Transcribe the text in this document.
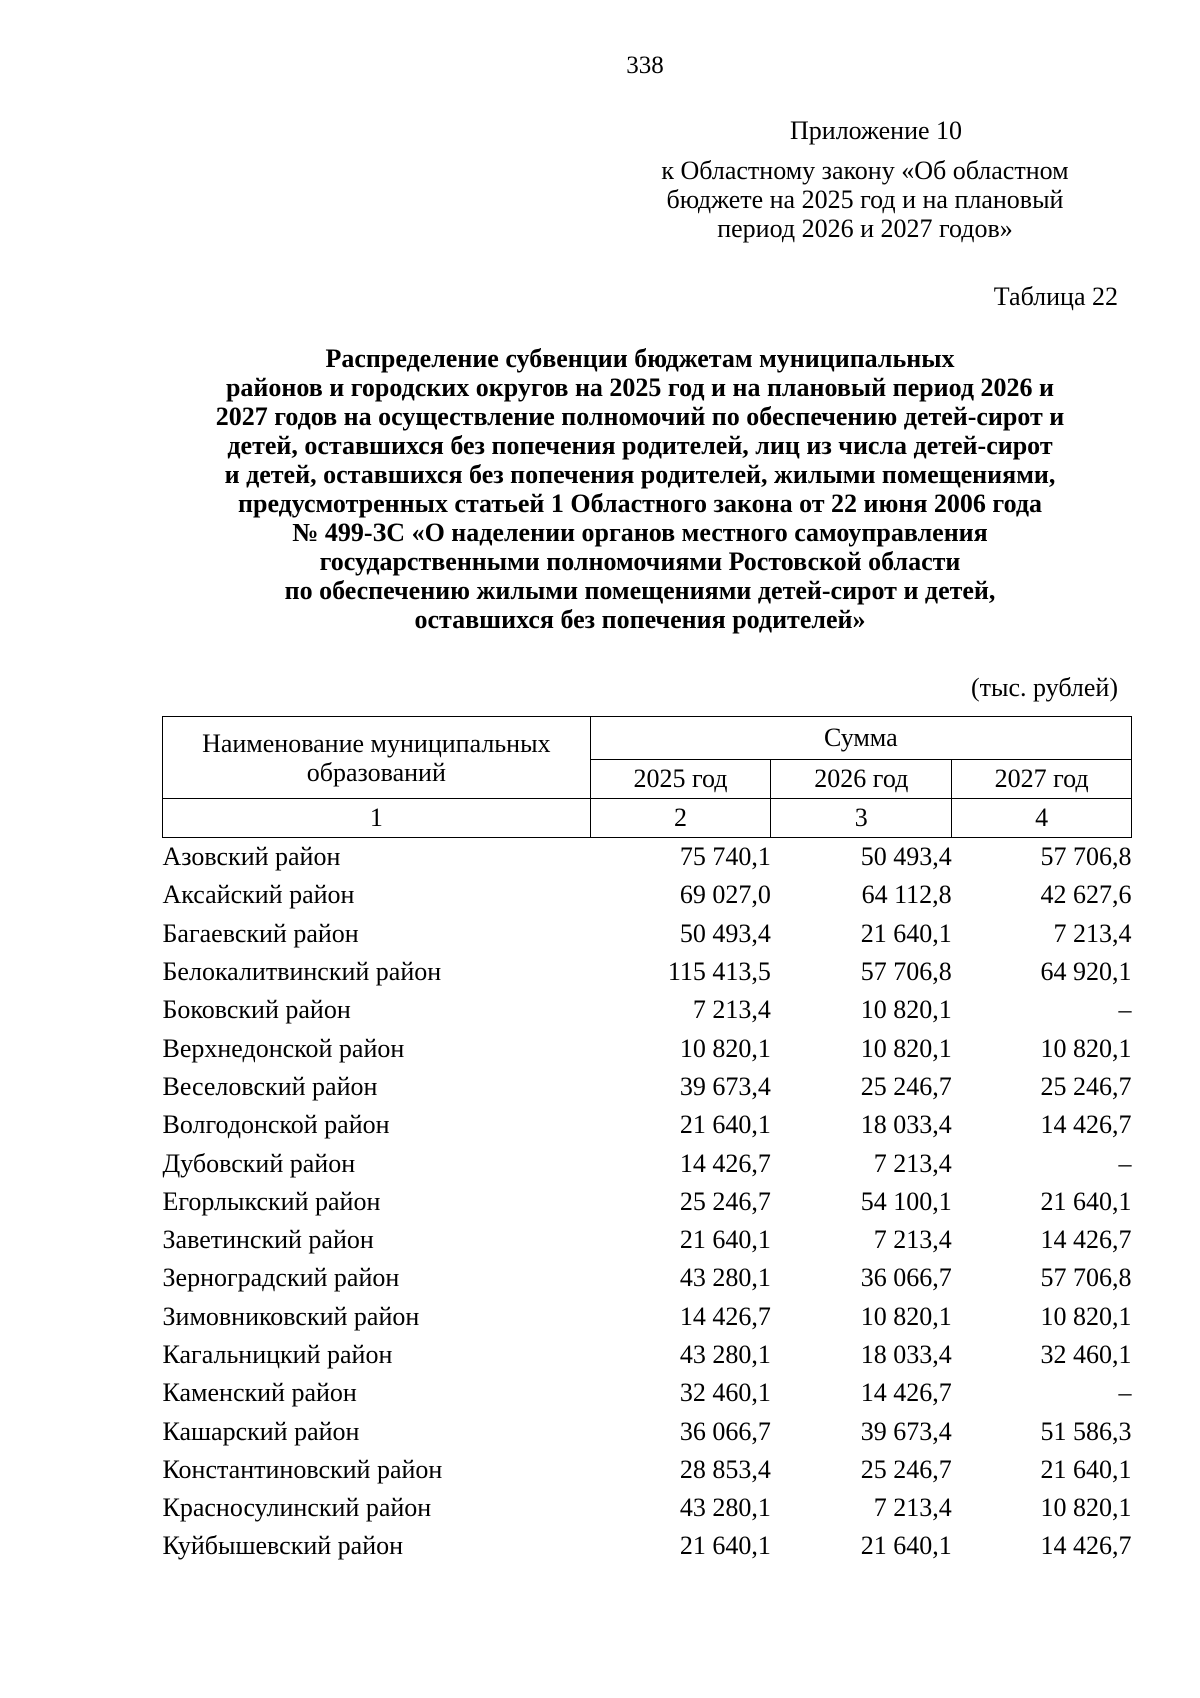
338
Приложение 10
к Областному закону «Об областном
бюджете на 2025 год и на плановый
период 2026 и 2027 годов»
Таблица 22
Распределение субвенции бюджетам муниципальных
районов и городских округов на 2025 год и на плановый период 2026 и
2027 годов на осуществление полномочий по обеспечению детей-сирот и
детей, оставшихся без попечения родителей, лиц из числа детей-сирот
и детей, оставшихся без попечения родителей, жилыми помещениями,
предусмотренных статьей 1 Областного закона от 22 июня 2006 года
№ 499-ЗС «О наделении органов местного самоуправления
государственными полномочиями Ростовской области
по обеспечению жилыми помещениями детей-сирот и детей,
оставшихся без попечения родителей»
(тыс. рублей)
Наименование муниципальных
образований	Сумма		
	2025 год	2026 год	2027 год
1	2	3	4
Азовский район	75 740,1	50 493,4	57 706,8
Аксайский район	69 027,0	64 112,8	42 627,6
Багаевский район	50 493,4	21 640,1	7 213,4
Белокалитвинский район	115 413,5	57 706,8	64 920,1
Боковский район	7 213,4	10 820,1	–
Верхнедонской район	10 820,1	10 820,1	10 820,1
Веселовский район	39 673,4	25 246,7	25 246,7
Волгодонской район	21 640,1	18 033,4	14 426,7
Дубовский район	14 426,7	7 213,4	–
Егорлыкский район	25 246,7	54 100,1	21 640,1
Заветинский район	21 640,1	7 213,4	14 426,7
Зерноградский район	43 280,1	36 066,7	57 706,8
Зимовниковский район	14 426,7	10 820,1	10 820,1
Кагальницкий район	43 280,1	18 033,4	32 460,1
Каменский район	32 460,1	14 426,7	–
Кашарский район	36 066,7	39 673,4	51 586,3
Константиновский район	28 853,4	25 246,7	21 640,1
Красносулинский район	43 280,1	7 213,4	10 820,1
Куйбышевский район	21 640,1	21 640,1	14 426,7
